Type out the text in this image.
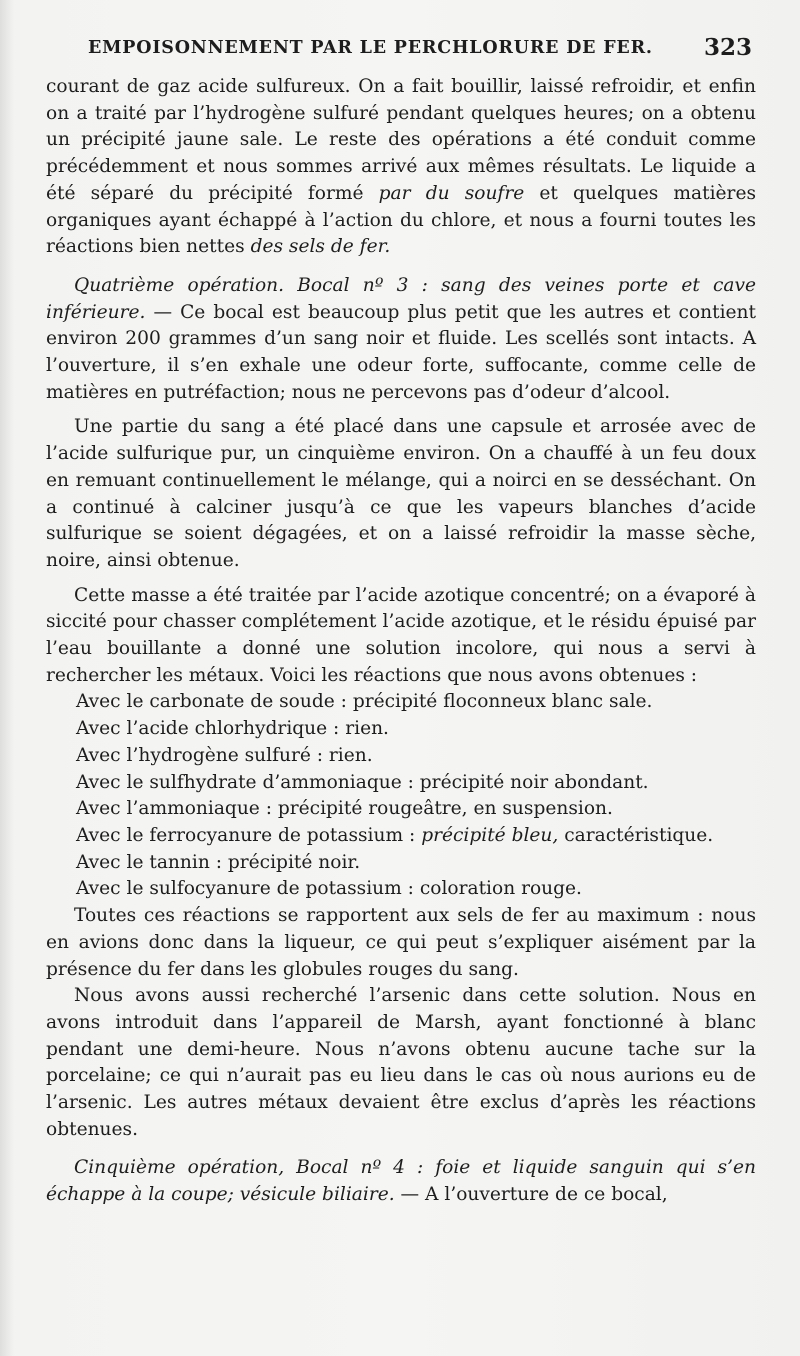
EMPOISONNEMENT PAR LE PERCHLORURE DE FER. 323

courant de gaz acide sulfureux. On a fait bouillir, laissé refroidir, et enfin on a traité par l’hydrogène sulfuré pendant quelques heures; on a obtenu un précipité jaune sale. Le reste des opérations a été conduit comme précédemment et nous sommes arrivé aux mêmes résultats. Le liquide a été séparé du précipité formé par du soufre et quelques matières organiques ayant échappé à l’action du chlore, et nous a fourni toutes les réactions bien nettes des sels de fer.

Quatrième opération. Bocal nº 3 : sang des veines porte et cave inférieure. — Ce bocal est beaucoup plus petit que les autres et contient environ 200 grammes d’un sang noir et fluide. Les scellés sont intacts. A l’ouverture, il s’en exhale une odeur forte, suffocante, comme celle de matières en putréfaction; nous ne percevons pas d’odeur d’alcool.

Une partie du sang a été placé dans une capsule et arrosée avec de l’acide sulfurique pur, un cinquième environ. On a chauffé à un feu doux en remuant continuellement le mélange, qui a noirci en se desséchant. On a continué à calciner jusqu’à ce que les vapeurs blanches d’acide sulfurique se soient dégagées, et on a laissé refroidir la masse sèche, noire, ainsi obtenue.

Cette masse a été traitée par l’acide azotique concentré; on a évaporé à siccité pour chasser complétement l’acide azotique, et le résidu épuisé par l’eau bouillante a donné une solution incolore, qui nous a servi à rechercher les métaux. Voici les réactions que nous avons obtenues :

Avec le carbonate de soude : précipité floconneux blanc sale.

Avec l’acide chlorhydrique : rien.

Avec l’hydrogène sulfuré : rien.

Avec le sulfhydrate d’ammoniaque : précipité noir abondant.

Avec l’ammoniaque : précipité rougeâtre, en suspension.

Avec le ferrocyanure de potassium : précipité bleu, caractéristique.

Avec le tannin : précipité noir.

Avec le sulfocyanure de potassium : coloration rouge.

Toutes ces réactions se rapportent aux sels de fer au maximum : nous en avions donc dans la liqueur, ce qui peut s’expliquer aisément par la présence du fer dans les globules rouges du sang.

Nous avons aussi recherché l’arsenic dans cette solution. Nous en avons introduit dans l’appareil de Marsh, ayant fonctionné à blanc pendant une demi-heure. Nous n’avons obtenu aucune tache sur la porcelaine; ce qui n’aurait pas eu lieu dans le cas où nous aurions eu de l’arsenic. Les autres métaux devaient être exclus d’après les réactions obtenues.

Cinquième opération, Bocal nº 4 : foie et liquide sanguin qui s’en échappe à la coupe; vésicule biliaire. — A l’ouverture de ce bocal,
